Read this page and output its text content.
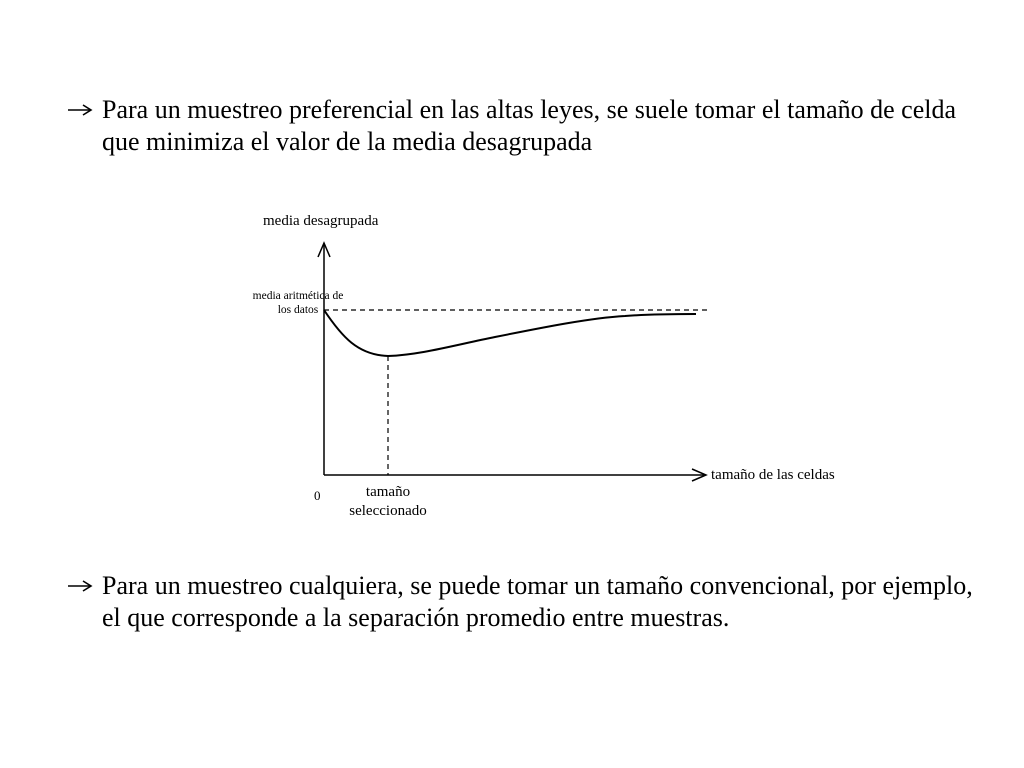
Para un muestreo preferencial en las altas leyes, se suele tomar el tamaño de celda que minimiza el valor de la media desagrupada
media desagrupada
media aritmética de los datos
tamaño de las celdas
0	tamaño seleccionado
Para un muestreo cualquiera, se puede tomar un tamaño convencional, por ejemplo, el que corresponde a la separación promedio entre muestras.
